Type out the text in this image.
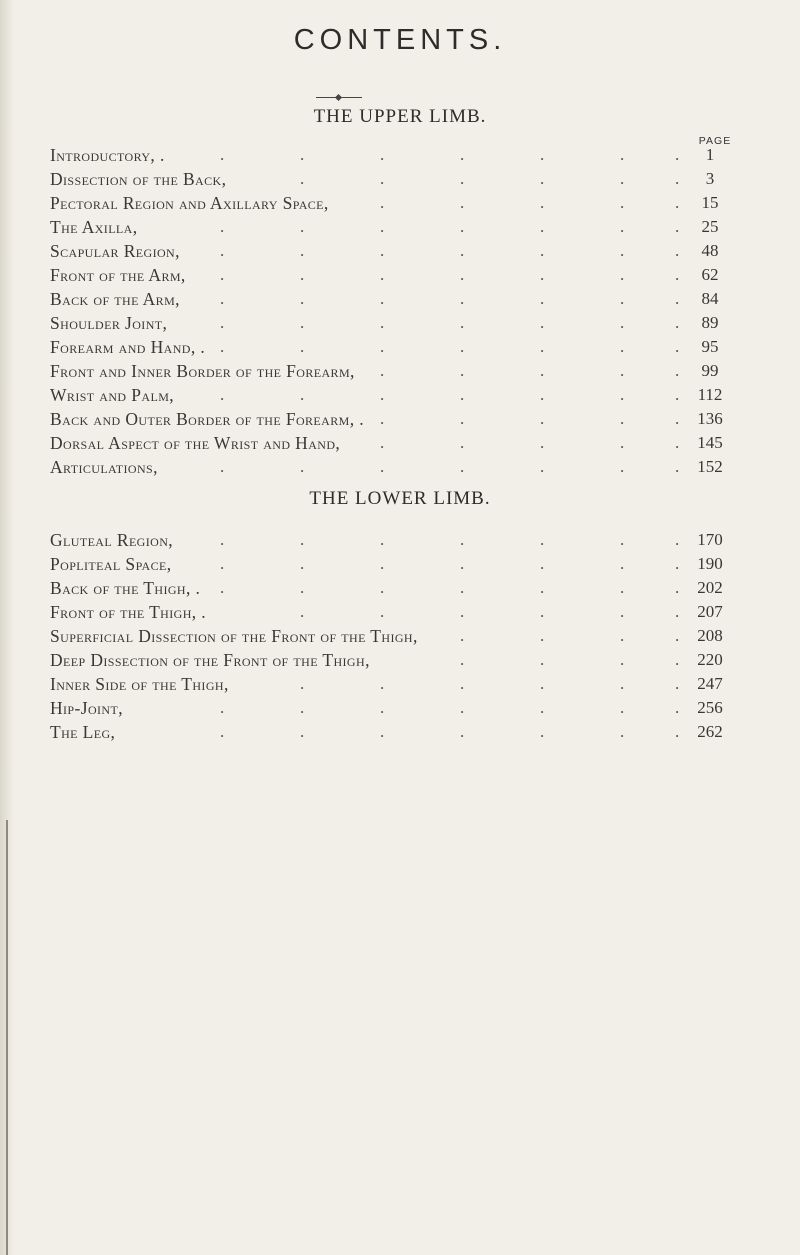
CONTENTS.
THE UPPER LIMB.
PAGE
Introductory, .	.	.	.	.	.	.	.	1
Dissection of the Back,	.	.	.	.	.	.	3
Pectoral Region and Axillary Space,	.	.	.	.	.	15
The Axilla,	.	.	.	.	.	.	.	25
Scapular Region, .	.	.	.	.	.	.	48
Front of the Arm, .	.	.	.	.	.	.	62
Back of the Arm, .	.	.	.	.	.	.	84
Shoulder Joint,	.	.	.	.	.	.	.	89
Forearm and Hand, . .	.	.	.	.	.	.	95
Front and Inner Border of the Forearm, .	.	.	.	.	99
Wrist and Palm,	.	.	.	.	.	.	.	112
Back and Outer Border of the Forearm, . .	.	.	.	.	136
Dorsal Aspect of the Wrist and Hand, .	.	.	.	.	145
Articulations,	.	.	.	.	.	.	.	152
THE LOWER LIMB.
Gluteal Region,	.	.	.	.	.	.	.	170
Popliteal Space,	.	.	.	.	.	.	.	190
Back of the Thigh, . .	.	.	.	.	.	.	202
Front of the Thigh, .	.	.	.	.	.	.	207
Superficial Dissection of the Front of the Thigh, .	.	.	.	208
Deep Dissection of the Front of the Thigh,	.	.	.	.	220
Inner Side of the Thigh,	.	.	.	.	.	.	247
Hip-Joint,	.	.	.	.	.	.	.	256
The Leg,	.	.	.	.	.	.	.	262
